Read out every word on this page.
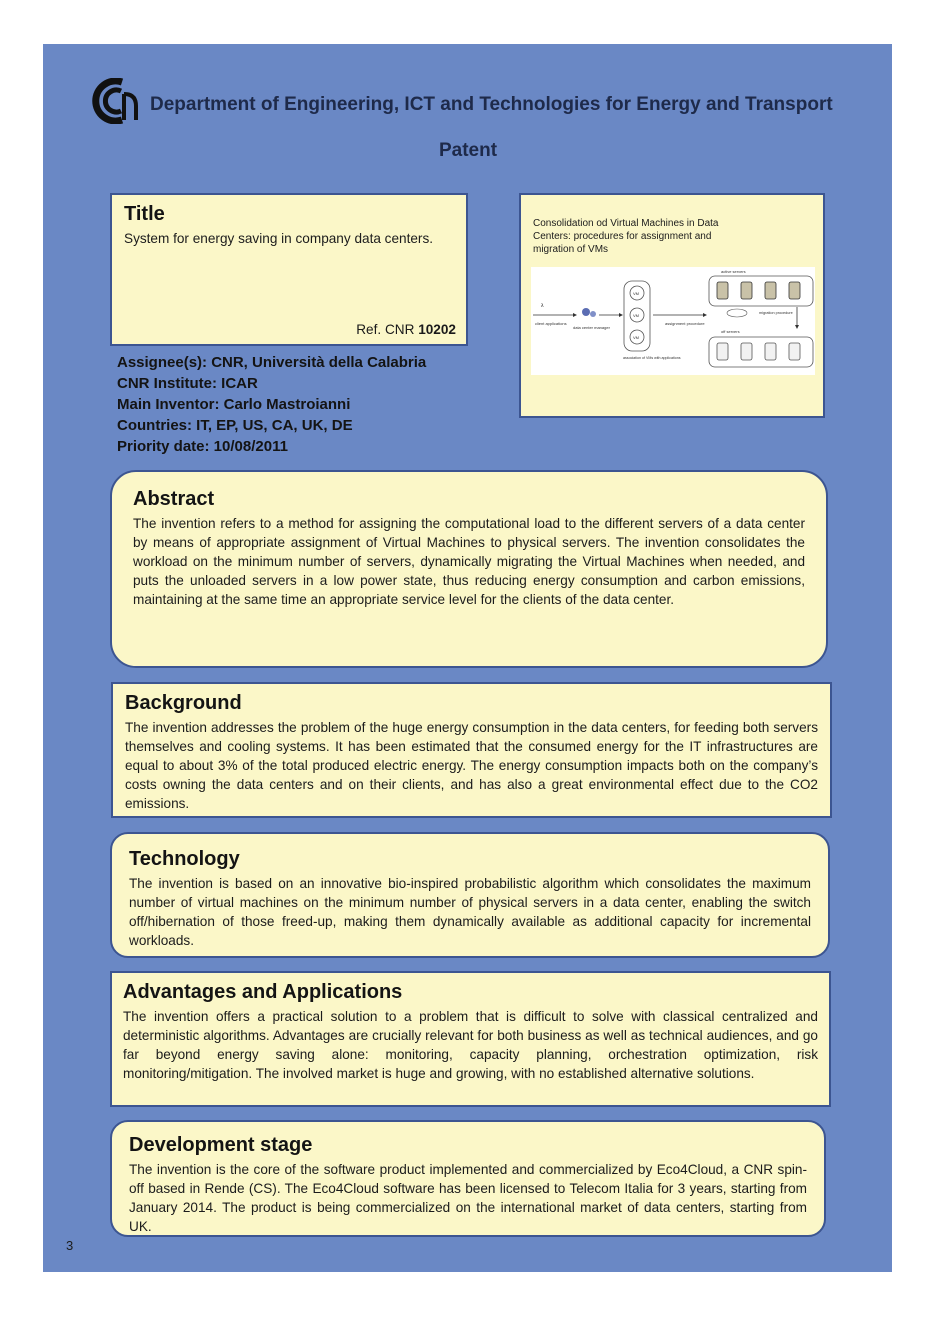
Department of Engineering, ICT and Technologies for Energy and Transport
Patent
Title

System for energy saving in company data centers.

Ref. CNR 10202
Consolidation od Virtual Machines in Data Centers: procedures for assignment and migration of VMs
λ
client applications
data center manager
VM
VM
VM
association of VMs with applications
assignment procedure
active servers
migration procedure
off servers
Assignee(s): CNR, Università della Calabria
CNR Institute: ICAR
Main Inventor: Carlo Mastroianni
Countries: IT, EP, US, CA, UK, DE
Priority date: 10/08/2011
Abstract

The invention refers to a method for assigning the computational load to the different servers of a data center by means of appropriate assignment of Virtual Machines to physical servers. The invention consolidates the workload on the minimum number of servers, dynamically migrating the Virtual Machines when needed, and puts the unloaded servers in a low power state, thus reducing energy consumption and carbon emissions, maintaining at the same time an appropriate service level for the clients of the data center.

Background

The invention addresses the problem of the huge energy consumption in the data centers, for feeding both servers themselves and cooling systems. It has been estimated that the consumed energy for the IT infrastructures are equal to about 3% of the total produced electric energy. The energy consumption impacts both on the company’s costs owning the data centers and on their clients, and has also a great environmental effect due to the CO2 emissions.

Technology

The invention is based on an innovative bio-inspired probabilistic algorithm which consolidates the maximum number of virtual machines on the minimum number of physical servers in a data center, enabling the switch off/hibernation of those freed-up, making them dynamically available as additional capacity for incremental workloads.

Advantages and Applications

The invention offers a practical solution to a problem that is difficult to solve with classical centralized and deterministic algorithms. Advantages are crucially relevant for both business as well as technical audiences, and go far beyond energy saving alone: monitoring, capacity planning, orchestration optimization, risk monitoring/mitigation. The involved market is huge and growing, with no established alternative solutions.

Development stage

The invention is the core of the software product implemented and commercialized by Eco4Cloud, a CNR spin-off based in Rende (CS). The Eco4Cloud software has been licensed to Telecom Italia for 3 years, starting from January 2014. The product is being commercialized on the international market of data centers, starting from UK.

3
